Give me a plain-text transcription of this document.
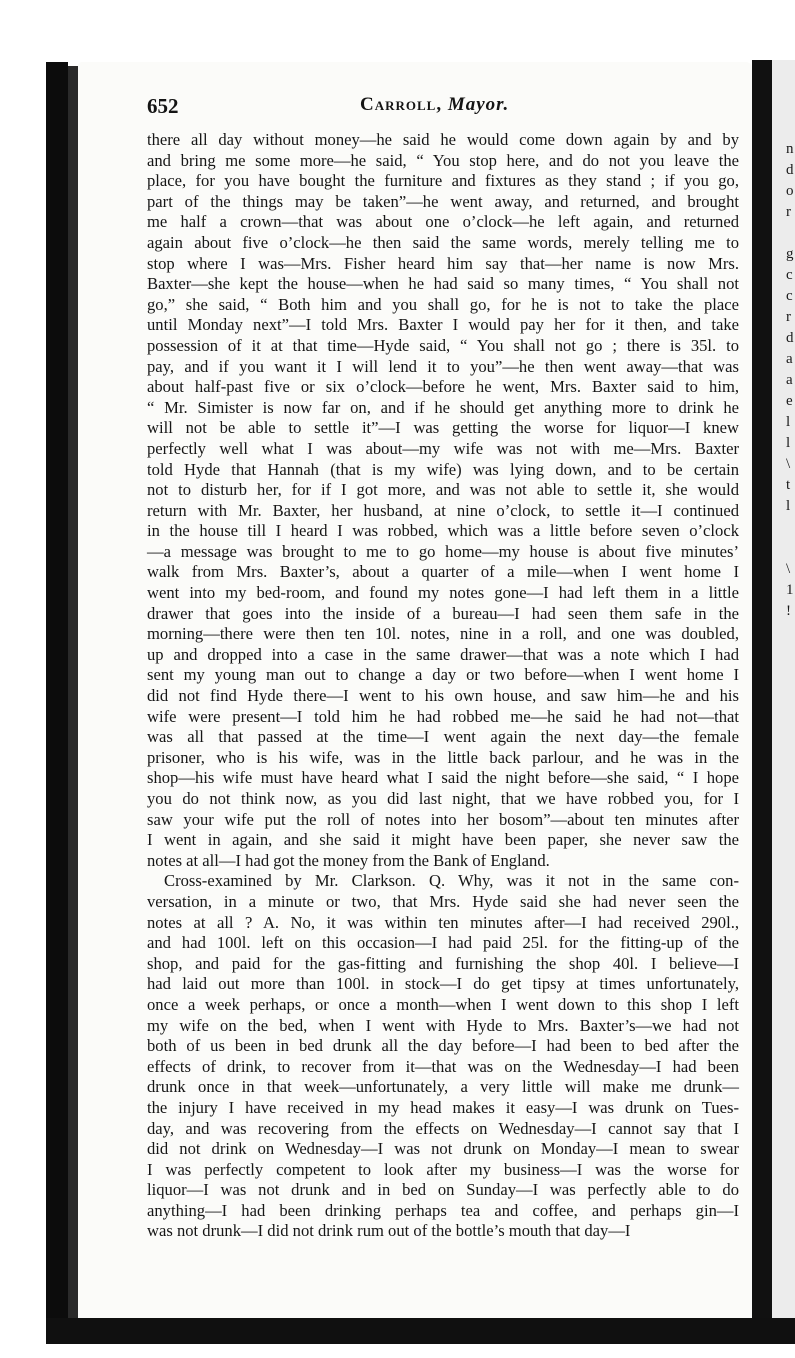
n
d
o
r
g
c
c
r
d
a
a
e
l
l
\
t
l
\
1
!
652	Carroll, Mayor.
there all day without money—he said he would come down again by and by
and bring me some more—he said, “ You stop here, and do not you leave the
place, for you have bought the furniture and fixtures as they stand ; if you go,
part of the things may be taken”—he went away, and returned, and brought
me half a crown—that was about one o’clock—he left again, and returned
again about five o’clock—he then said the same words, merely telling me to
stop where I was—Mrs. Fisher heard him say that—her name is now Mrs.
Baxter—she kept the house—when he had said so many times, “ You shall not
go,” she said, “ Both him and you shall go, for he is not to take the place
until Monday next”—I told Mrs. Baxter I would pay her for it then, and take
possession of it at that time—Hyde said, “ You shall not go ; there is 35l. to
pay, and if you want it I will lend it to you”—he then went away—that was
about half-past five or six o’clock—before he went, Mrs. Baxter said to him,
“ Mr. Simister is now far on, and if he should get anything more to drink he
will not be able to settle it”—I was getting the worse for liquor—I knew
perfectly well what I was about—my wife was not with me—Mrs. Baxter
told Hyde that Hannah (that is my wife) was lying down, and to be certain
not to disturb her, for if I got more, and was not able to settle it, she would
return with Mr. Baxter, her husband, at nine o’clock, to settle it—I continued
in the house till I heard I was robbed, which was a little before seven o’clock
—a message was brought to me to go home—my house is about five minutes’
walk from Mrs. Baxter’s, about a quarter of a mile—when I went home I
went into my bed-room, and found my notes gone—I had left them in a little
drawer that goes into the inside of a bureau—I had seen them safe in the
morning—there were then ten 10l. notes, nine in a roll, and one was doubled,
up and dropped into a case in the same drawer—that was a note which I had
sent my young man out to change a day or two before—when I went home I
did not find Hyde there—I went to his own house, and saw him—he and his
wife were present—I told him he had robbed me—he said he had not—that
was all that passed at the time—I went again the next day—the female
prisoner, who is his wife, was in the little back parlour, and he was in the
shop—his wife must have heard what I said the night before—she said, “ I hope
you do not think now, as you did last night, that we have robbed you, for I
saw your wife put the roll of notes into her bosom”—about ten minutes after
I went in again, and she said it might have been paper, she never saw the
notes at all—I had got the money from the Bank of England.
Cross-examined by Mr. Clarkson. Q. Why, was it not in the same con-
versation, in a minute or two, that Mrs. Hyde said she had never seen the
notes at all ? A. No, it was within ten minutes after—I had received 290l.,
and had 100l. left on this occasion—I had paid 25l. for the fitting-up of the
shop, and paid for the gas-fitting and furnishing the shop 40l. I believe—I
had laid out more than 100l. in stock—I do get tipsy at times unfortunately,
once a week perhaps, or once a month—when I went down to this shop I left
my wife on the bed, when I went with Hyde to Mrs. Baxter’s—we had not
both of us been in bed drunk all the day before—I had been to bed after the
effects of drink, to recover from it—that was on the Wednesday—I had been
drunk once in that week—unfortunately, a very little will make me drunk—
the injury I have received in my head makes it easy—I was drunk on Tues-
day, and was recovering from the effects on Wednesday—I cannot say that I
did not drink on Wednesday—I was not drunk on Monday—I mean to swear
I was perfectly competent to look after my business—I was the worse for
liquor—I was not drunk and in bed on Sunday—I was perfectly able to do
anything—I had been drinking perhaps tea and coffee, and perhaps gin—I
was not drunk—I did not drink rum out of the bottle’s mouth that day—I
